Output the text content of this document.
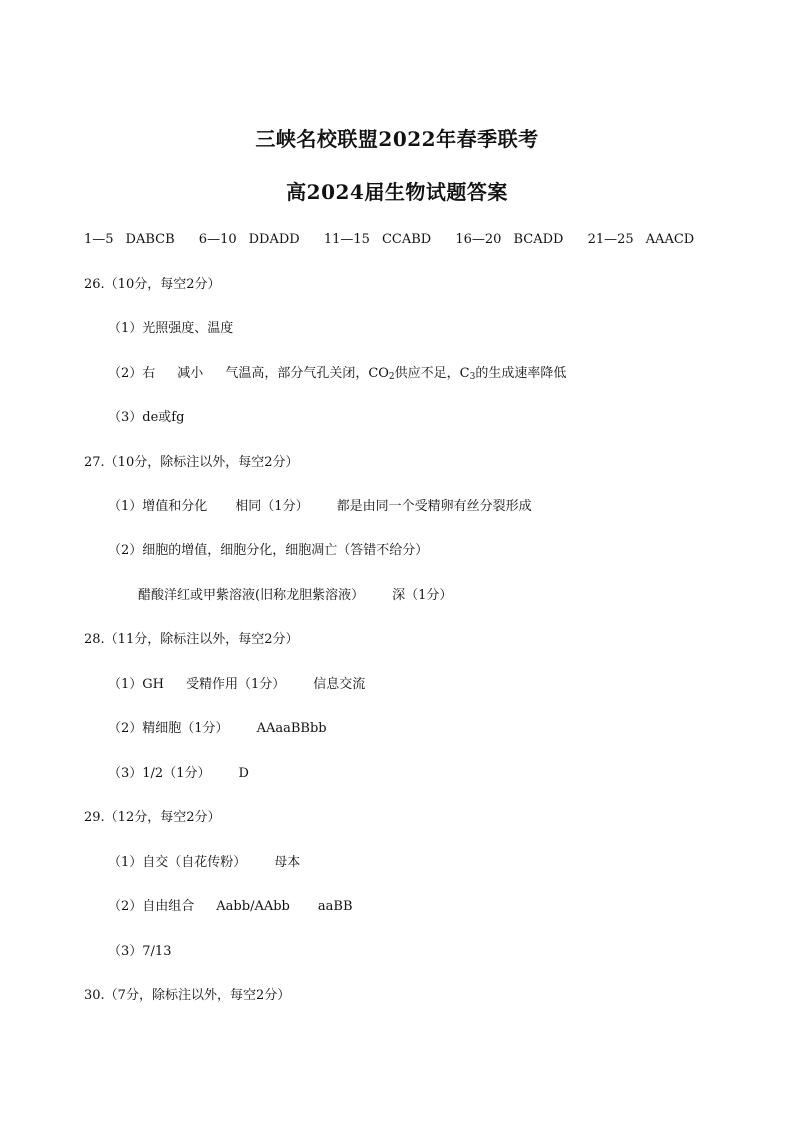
三峡名校联盟2022年春季联考
高2024届生物试题答案
1—5 DABCB 6—10 DDADD 11—15 CCABD 16—20 BCADD 21—25 AAACD
26.（10分，每空2分）
（1）光照强度、温度
（2）右 减小 气温高，部分气孔关闭，$CO_2$供应不足，$C_3$的生成速率降低
（3）de或fg
27.（10分，除标注以外，每空2分）
（1）增值和分化 相同（1分） 都是由同一个受精卵有丝分裂形成
（2）细胞的增值，细胞分化，细胞凋亡（答错不给分）
醋酸洋红或甲紫溶液(旧称龙胆紫溶液） 深（1分）
28.（11分，除标注以外，每空2分）
（1）GH 受精作用（1分） 信息交流
（2）精细胞（1分） AAaaBBbb
（3）1/2（1分） D
29.（12分，每空2分）
（1）自交（自花传粉） 母本
（2）自由组合 Aabb/AAbb aaBB
（3）7/13
30.（7分，除标注以外，每空2分）
